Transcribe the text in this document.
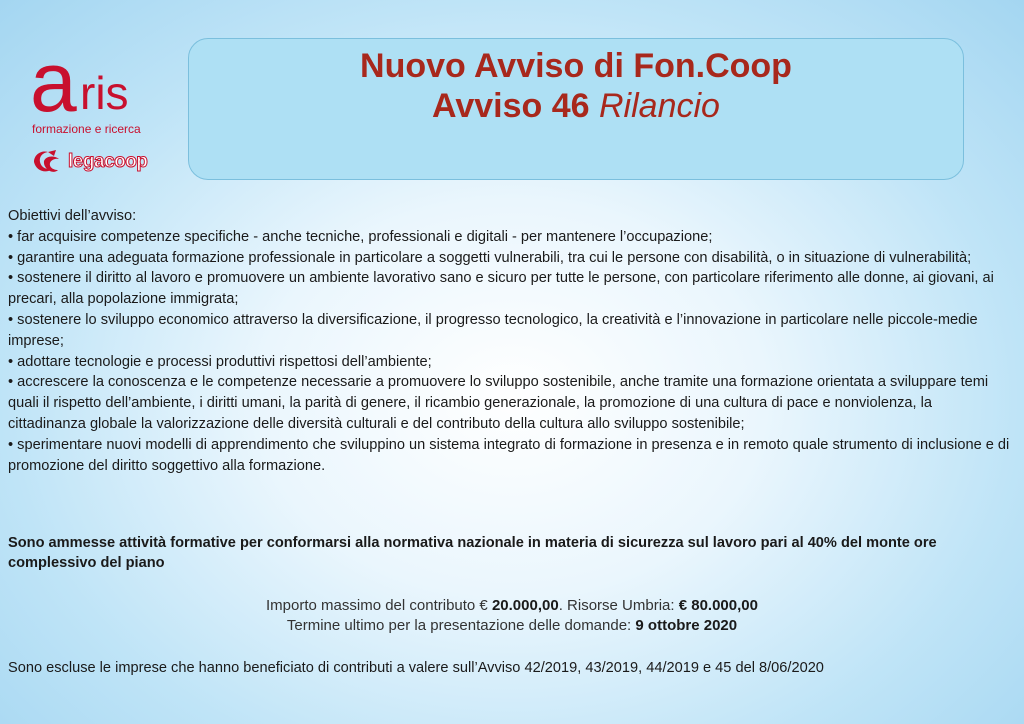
a ris
formazione e ricerca
legacoop
Nuovo Avviso di Fon.Coop
Avviso 46 Rilancio

Obiettivi dell’avviso:

• far acquisire competenze specifiche - anche tecniche, professionali e digitali - per mantenere l’occupazione;

• garantire una adeguata formazione professionale in particolare a soggetti vulnerabili, tra cui le persone con disabilità, o in situazione di vulnerabilità;

• sostenere il diritto al lavoro e promuovere un ambiente lavorativo sano e sicuro per tutte le persone, con particolare riferimento alle donne, ai giovani, ai precari, alla popolazione immigrata;

• sostenere lo sviluppo economico attraverso la diversificazione, il progresso tecnologico, la creatività e l’innovazione in particolare nelle piccole-medie imprese;

• adottare tecnologie e processi produttivi rispettosi dell’ambiente;

• accrescere la conoscenza e le competenze necessarie a promuovere lo sviluppo sostenibile, anche tramite una formazione orientata a sviluppare temi quali il rispetto dell’ambiente, i diritti umani, la parità di genere, il ricambio generazionale, la promozione di una cultura di pace e nonviolenza, la cittadinanza globale la valorizzazione delle diversità culturali e del contributo della cultura allo sviluppo sostenibile;

• sperimentare nuovi modelli di apprendimento che sviluppino un sistema integrato di formazione in presenza e in remoto quale strumento di inclusione e di promozione del diritto soggettivo alla formazione.

Sono ammesse attività formative per conformarsi alla normativa nazionale in materia di sicurezza sul lavoro pari al 40% del monte ore complessivo del piano
Importo massimo del contributo € 20.000,00. Risorse Umbria: € 80.000,00
Termine ultimo per la presentazione delle domande: 9 ottobre 2020
Sono escluse le imprese che hanno beneficiato di contributi a valere sull’Avviso 42/2019, 43/2019, 44/2019 e 45 del 8/06/2020
